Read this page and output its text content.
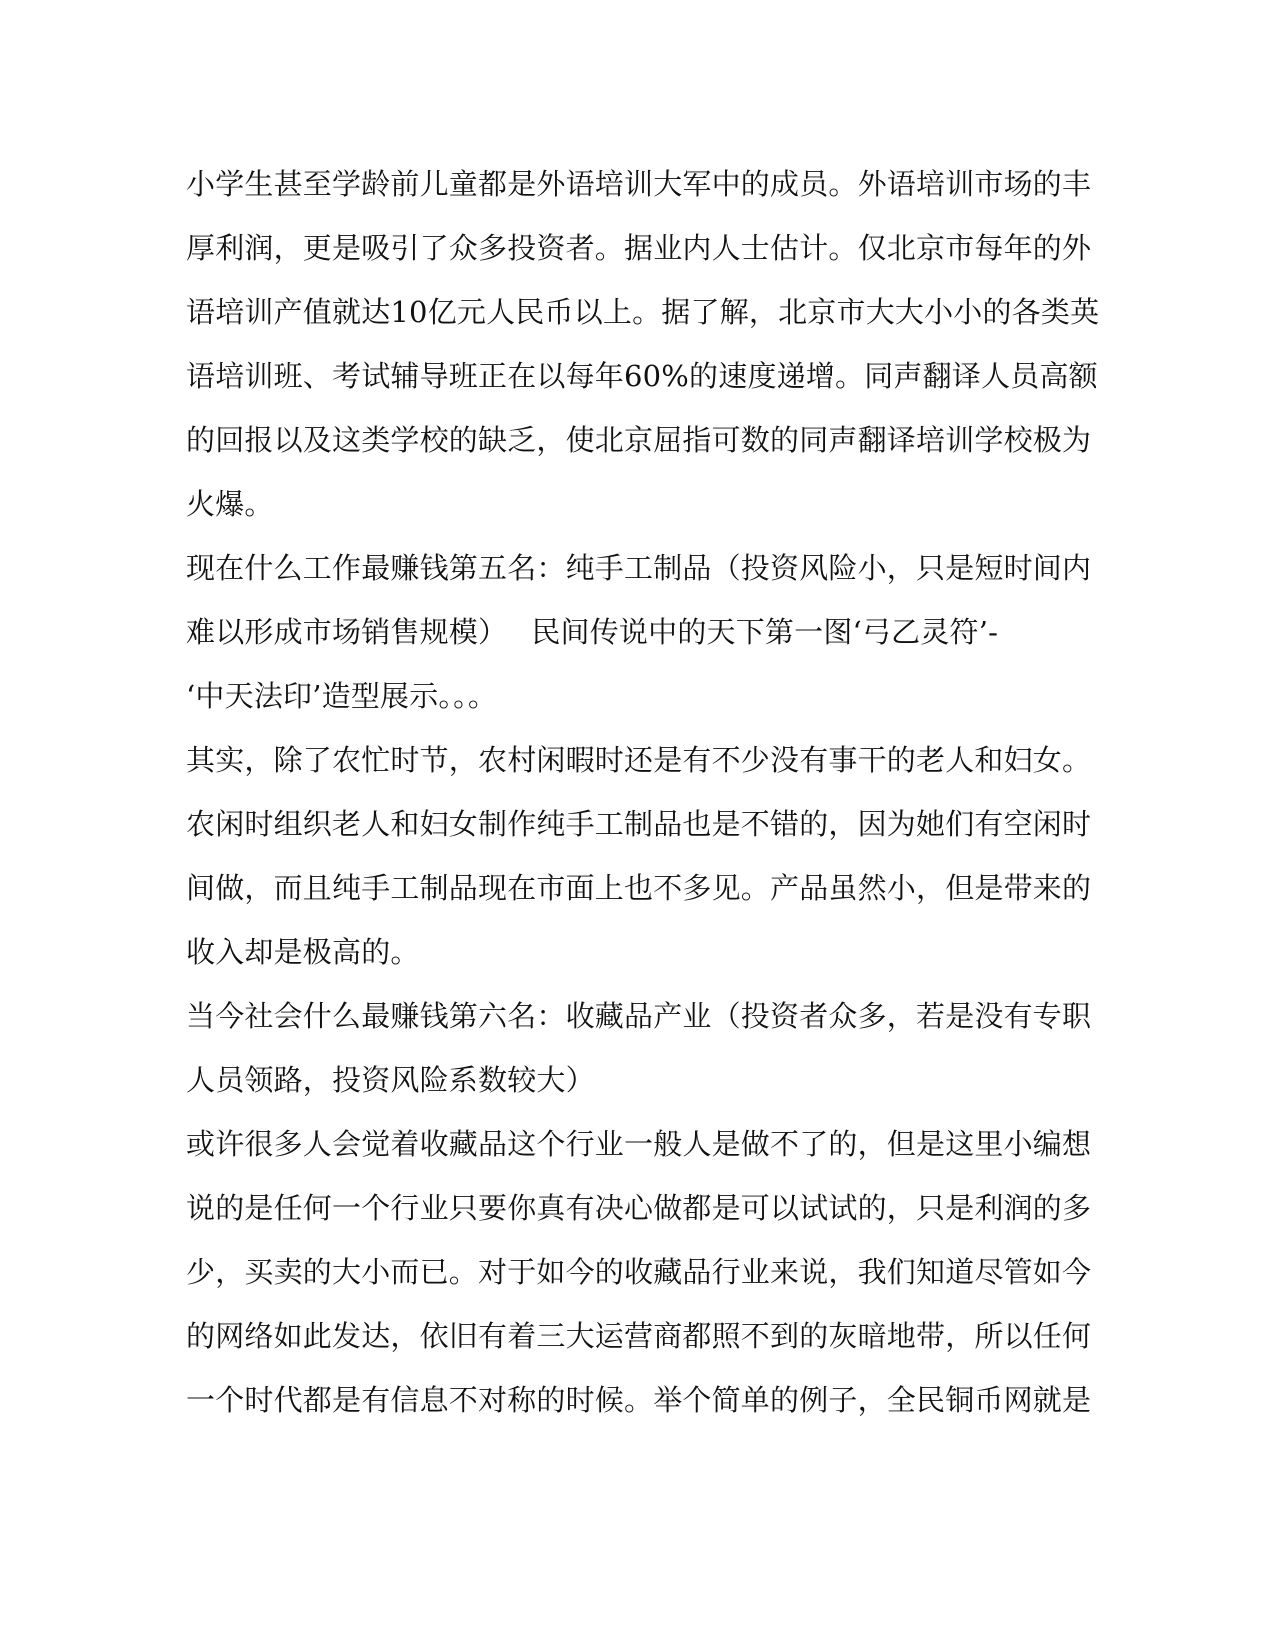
小学生甚至学龄前儿童都是外语培训大军中的成员。外语培训市场的丰
厚利润，更是吸引了众多投资者。据业内人士估计。仅北京市每年的外
语培训产值就达10亿元人民币以上。据了解，北京市大大小小的各类英
语培训班、考试辅导班正在以每年60%的速度递增。同声翻译人员高额
的回报以及这类学校的缺乏，使北京屈指可数的同声翻译培训学校极为
火爆。
现在什么工作最赚钱第五名：纯手工制品（投资风险小，只是短时间内
难以形成市场销售规模）　 民间传说中的天下第一图‘弓乙灵符’-
‘中天法印’造型展示。。。
其实，除了农忙时节，农村闲暇时还是有不少没有事干的老人和妇女。
农闲时组织老人和妇女制作纯手工制品也是不错的，因为她们有空闲时
间做，而且纯手工制品现在市面上也不多见。产品虽然小，但是带来的
收入却是极高的。
当今社会什么最赚钱第六名：收藏品产业（投资者众多，若是没有专职
人员领路，投资风险系数较大）
或许很多人会觉着收藏品这个行业一般人是做不了的，但是这里小编想
说的是任何一个行业只要你真有决心做都是可以试试的，只是利润的多
少，买卖的大小而已。对于如今的收藏品行业来说，我们知道尽管如今
的网络如此发达，依旧有着三大运营商都照不到的灰暗地带，所以任何
一个时代都是有信息不对称的时候。举个简单的例子，全民铜币网就是
